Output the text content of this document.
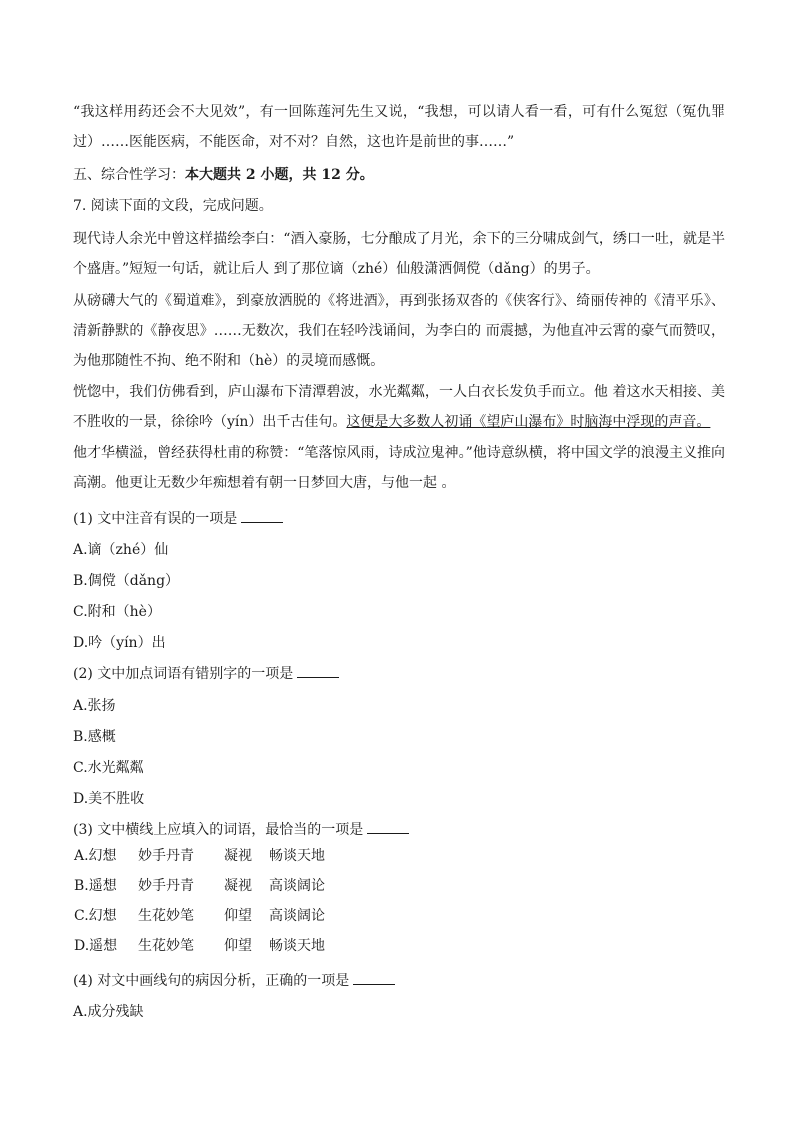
“我这样用药还会不大见效”，有一回陈莲河先生又说，“我想，可以请人看一看，可有什么冤愆（冤仇罪过）……医能医病，不能医命，对不对？自然，这也许是前世的事……”

五、综合性学习：本大题共 2 小题，共 12 分。

7. 阅读下面的文段，完成问题。

现代诗人余光中曾这样描绘李白：“酒入豪肠，七分酿成了月光，余下的三分啸成剑气，绣口一吐，就是半个盛唐。”短短一句话，就让后人 到了那位谪（zhé）仙般潇洒倜傥（dǎng）的男子。

从磅礴大气的《蜀道难》，到豪放洒脱的《将进酒》，再到张扬双沓的《侠客行》、绮丽传神的《清平乐》、清新静默的《静夜思》……无数次，我们在轻吟浅诵间，为李白的 而震撼，为他直冲云霄的豪气而赞叹，为他那随性不拘、绝不附和（hè）的灵境而感慨。

恍惚中，我们仿佛看到，庐山瀑布下清潭碧波，水光粼粼，一人白衣长发负手而立。他 着这水天相接、美不胜收的一景，徐徐吟（yín）出千古佳句。这便是大多数人初诵《望庐山瀑布》时脑海中浮现的声音。

他才华横溢，曾经获得杜甫的称赞：“笔落惊风雨，诗成泣鬼神。”他诗意纵横，将中国文学的浪漫主义推向高潮。他更让无数少年痴想着有朝一日梦回大唐，与他一起 。

(1) 文中注音有误的一项是

A.谪（zhé）仙

B.倜傥（dǎng）

C.附和（hè）

D.吟（yín）出

(2) 文中加点词语有错别字的一项是

A.张扬

B.感概

C.水光粼粼

D.美不胜收

(3) 文中横线上应填入的词语，最恰当的一项是

A.幻想 妙手丹青 凝视 畅谈天地
B.遥想 妙手丹青 凝视 高谈阔论
C.幻想 生花妙笔 仰望 高谈阔论
D.遥想 生花妙笔 仰望 畅谈天地

(4) 对文中画线句的病因分析，正确的一项是

A.成分残缺
